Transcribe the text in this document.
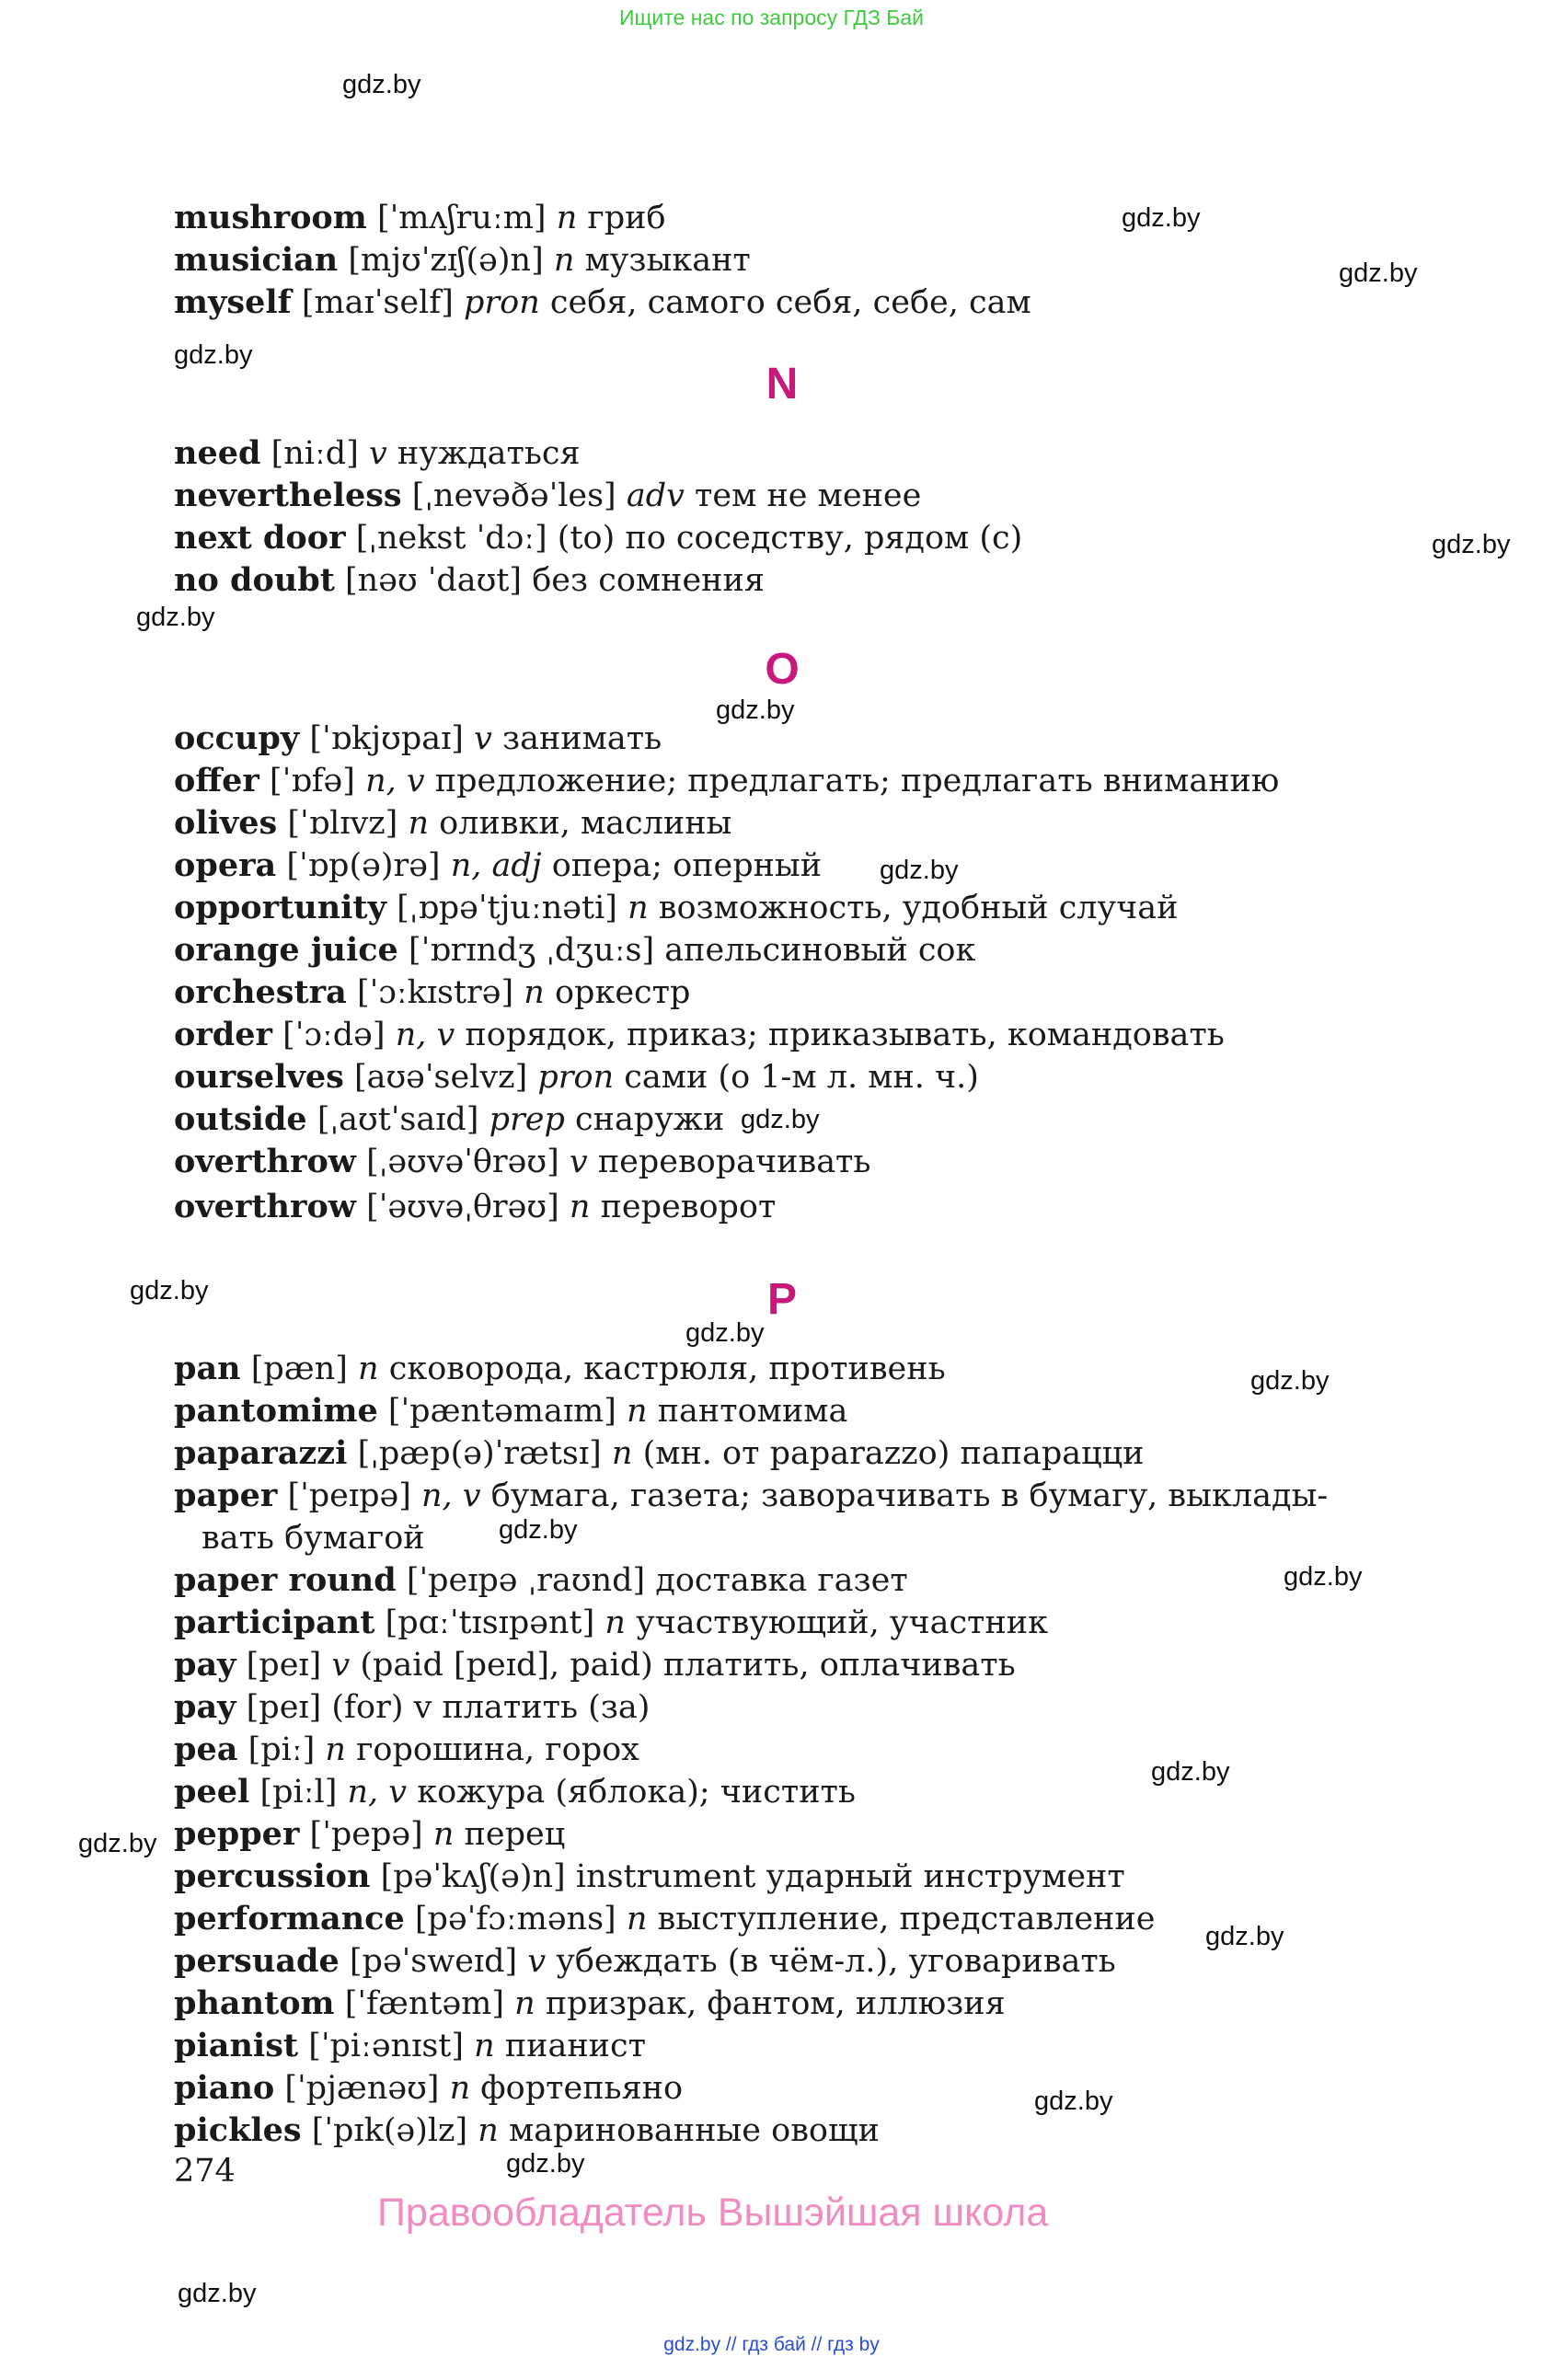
Ищите нас по запросу ГДЗ Бай
gdz.by
gdz.by
gdz.by
gdz.by
gdz.by
gdz.by
gdz.by
gdz.by
gdz.by
gdz.by
gdz.by
gdz.by
gdz.by
gdz.by
gdz.by
gdz.by
gdz.by
gdz.by
gdz.by
gdz.by
mushroom [ˈmʌʃruːm] n гриб
musician [mjʊˈzɪʃ(ə)n] n музыкант
myself [maɪˈself] pron себя, самого себя, себе, сам
N
need [niːd] v нуждаться
nevertheless [ˌnevəðəˈles] adv тем не менее
next door [ˌnekst ˈdɔː] (to) по соседству, рядом (с)
no doubt [nəʊ ˈdaʊt] без сомнения
O
occupy [ˈɒkjʊpaɪ] v занимать
offer [ˈɒfə] n, v предложение; предлагать; предлагать вниманию
olives [ˈɒlɪvz] n оливки, маслины
opera [ˈɒp(ə)rə] n, adj опера; оперный
opportunity [ˌɒpəˈtjuːnəti] n возможность, удобный случай
orange juice [ˈɒrɪndʒ ˌdʒuːs] апельсиновый сок
orchestra [ˈɔːkɪstrə] n оркестр
order [ˈɔːdə] n, v порядок, приказ; приказывать, командовать
ourselves [aʊəˈselvz] pron сами (о 1-м л. мн. ч.)
outside [ˌaʊtˈsaɪd] prep снаружи
overthrow [ˌəʊvəˈθrəʊ] v переворачивать
overthrow [ˈəʊvəˌθrəʊ] n переворот
P
pan [pæn] n сковорода, кастрюля, противень
pantomime [ˈpæntəmaɪm] n пантомима
paparazzi [ˌpæp(ə)ˈrætsɪ] n (мн. от paparazzo) папарацци
paper [ˈpeɪpə] n, v бумага, газета; заворачивать в бумагу, выклады-
вать бумагой
paper round [ˈpeɪpə ˌraʊnd] доставка газет
participant [pɑːˈtɪsɪpənt] n участвующий, участник
pay [peɪ] v (paid [peɪd], paid) платить, оплачивать
pay [peɪ] (for) v платить (за)
pea [piː] n горошина, горох
peel [piːl] n, v кожура (яблока); чистить
pepper [ˈpepə] n перец
percussion [pəˈkʌʃ(ə)n] instrument ударный инструмент
performance [pəˈfɔːməns] n выступление, представление
persuade [pəˈsweɪd] v убеждать (в чём-л.), уговаривать
phantom [ˈfæntəm] n призрак, фантом, иллюзия
pianist [ˈpiːənɪst] n пианист
piano [ˈpjænəʊ] n фортепьяно
pickles [ˈpɪk(ə)lz] n маринованные овощи
274
Правообладатель Вышэйшая школа
gdz.by // гдз бай // гдз by
